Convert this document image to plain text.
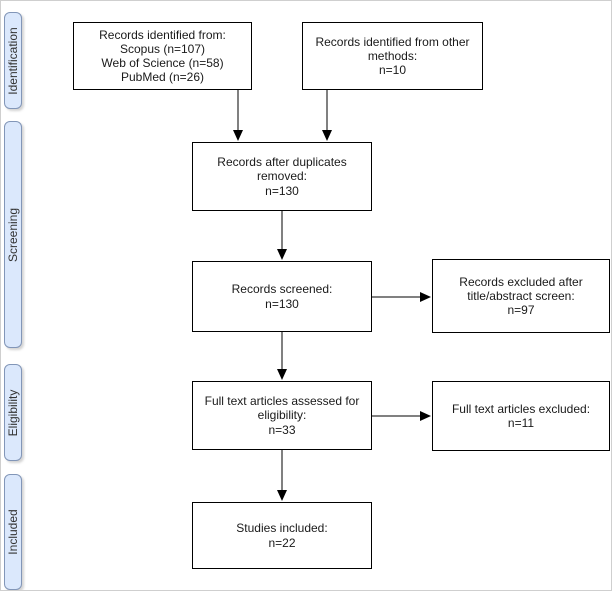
Identification
Screening
Eligibility
Included
Records identified from:
Scopus (n=107)
Web of Science (n=58)
PubMed (n=26)
Records identified from other methods:
n=10
Records after duplicates removed:
n=130
Records screened:
n=130
Records excluded after title/abstract screen:
n=97
Full text articles assessed for eligibility:
n=33
Full text articles excluded:
n=11
Studies included:
n=22
